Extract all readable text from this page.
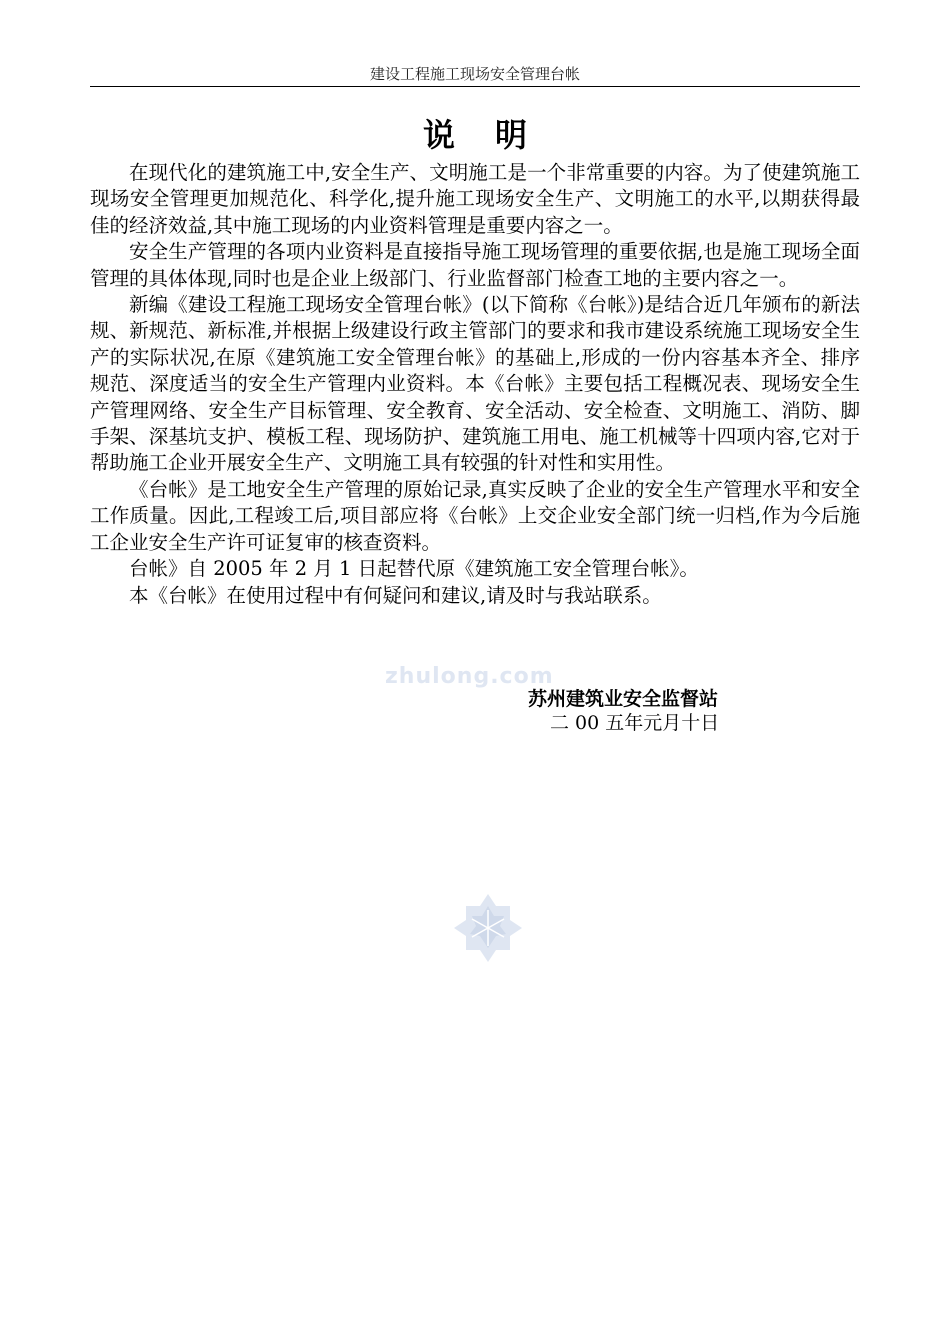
建设工程施工现场安全管理台帐
说明

在现代化的建筑施工中,安全生产、文明施工是一个非常重要的内容。为了使建筑施工现场安全管理更加规范化、科学化,提升施工现场安全生产、文明施工的水平,以期获得最佳的经济效益,其中施工现场的内业资料管理是重要内容之一。

安全生产管理的各项内业资料是直接指导施工现场管理的重要依据,也是施工现场全面管理的具体体现,同时也是企业上级部门、行业监督部门检查工地的主要内容之一。

新编《建设工程施工现场安全管理台帐》(以下简称《台帐》)是结合近几年颁布的新法规、新规范、新标准,并根据上级建设行政主管部门的要求和我市建设系统施工现场安全生产的实际状况,在原《建筑施工安全管理台帐》的基础上,形成的一份内容基本齐全、排序规范、深度适当的安全生产管理内业资料。本《台帐》主要包括工程概况表、现场安全生产管理网络、安全生产目标管理、安全教育、安全活动、安全检查、文明施工、消防、脚手架、深基坑支护、模板工程、现场防护、建筑施工用电、施工机械等十四项内容,它对于帮助施工企业开展安全生产、文明施工具有较强的针对性和实用性。

《台帐》是工地安全生产管理的原始记录,真实反映了企业的安全生产管理水平和安全工作质量。因此,工程竣工后,项目部应将《台帐》上交企业安全部门统一归档,作为今后施工企业安全生产许可证复审的核查资料。

台帐》自 2005 年 2 月 1 日起替代原《建筑施工安全管理台帐》。

本《台帐》在使用过程中有何疑问和建议,请及时与我站联系。

zhulong.com
苏州建筑业安全监督站
二 00 五年元月十日
